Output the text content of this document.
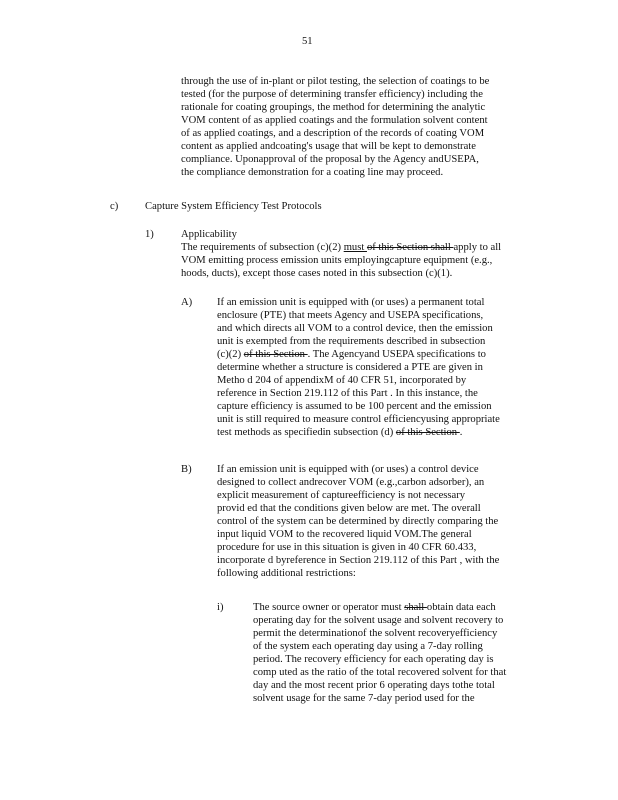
51
through the use of in-plant or pilot testing, the selection of coatings to be
tested (for the purpose of determining transfer efficiency) including the
rationale for coating groupings, the method for determining the analytic
VOM content of as applied coatings and the formulation solvent content
of as applied coatings, and a description of the records of coating VOM
content as applied andcoating's usage that will be kept to demonstrate
compliance. Uponapproval of the proposal by the Agency andUSEPA,
the compliance demonstration for a coating line may proceed.
c)	Capture System Efficiency Test Protocols
1)	Applicability
The requirements of subsection (c)(2) must of this Section shall apply to all
VOM emitting process emission units employingcapture equipment (e.g.,
hoods, ducts), except those cases noted in this subsection (c)(1).
A) If an emission unit is equipped with (or uses) a permanent total
enclosure (PTE) that meets Agency and USEPA specifications,
and which directs all VOM to a control device, then the emission
unit is exempted from the requirements described in subsection
(c)(2) of this Section . The Agencyand USEPA specifications to
determine whether a structure is considered a PTE are given in
Metho d 204 of appendixM of 40 CFR 51, incorporated by
reference in Section 219.112 of this Part . In this instance, the
capture efficiency is assumed to be 100 percent and the emission
unit is still required to measure control efficiencyusing appropriate
test methods as specifiedin subsection (d) of this Section .
B) If an emission unit is equipped with (or uses) a control device
designed to collect andrecover VOM (e.g.,carbon adsorber), an
explicit measurement of captureefficiency is not necessary
provid ed that the conditions given below are met. The overall
control of the system can be determined by directly comparing the
input liquid VOM to the recovered liquid VOM.The general
procedure for use in this situation is given in 40 CFR 60.433,
incorporate d byreference in Section 219.112 of this Part , with the
following additional restrictions:
i)	The source owner or operator must shall obtain data each
operating day for the solvent usage and solvent recovery to
permit the determinationof the solvent recoveryefficiency
of the system each operating day using a 7-day rolling
period. The recovery efficiency for each operating day is
comp uted as the ratio of the total recovered solvent for that
day and the most recent prior 6 operating days tothe total
solvent usage for the same 7-day period used for the
